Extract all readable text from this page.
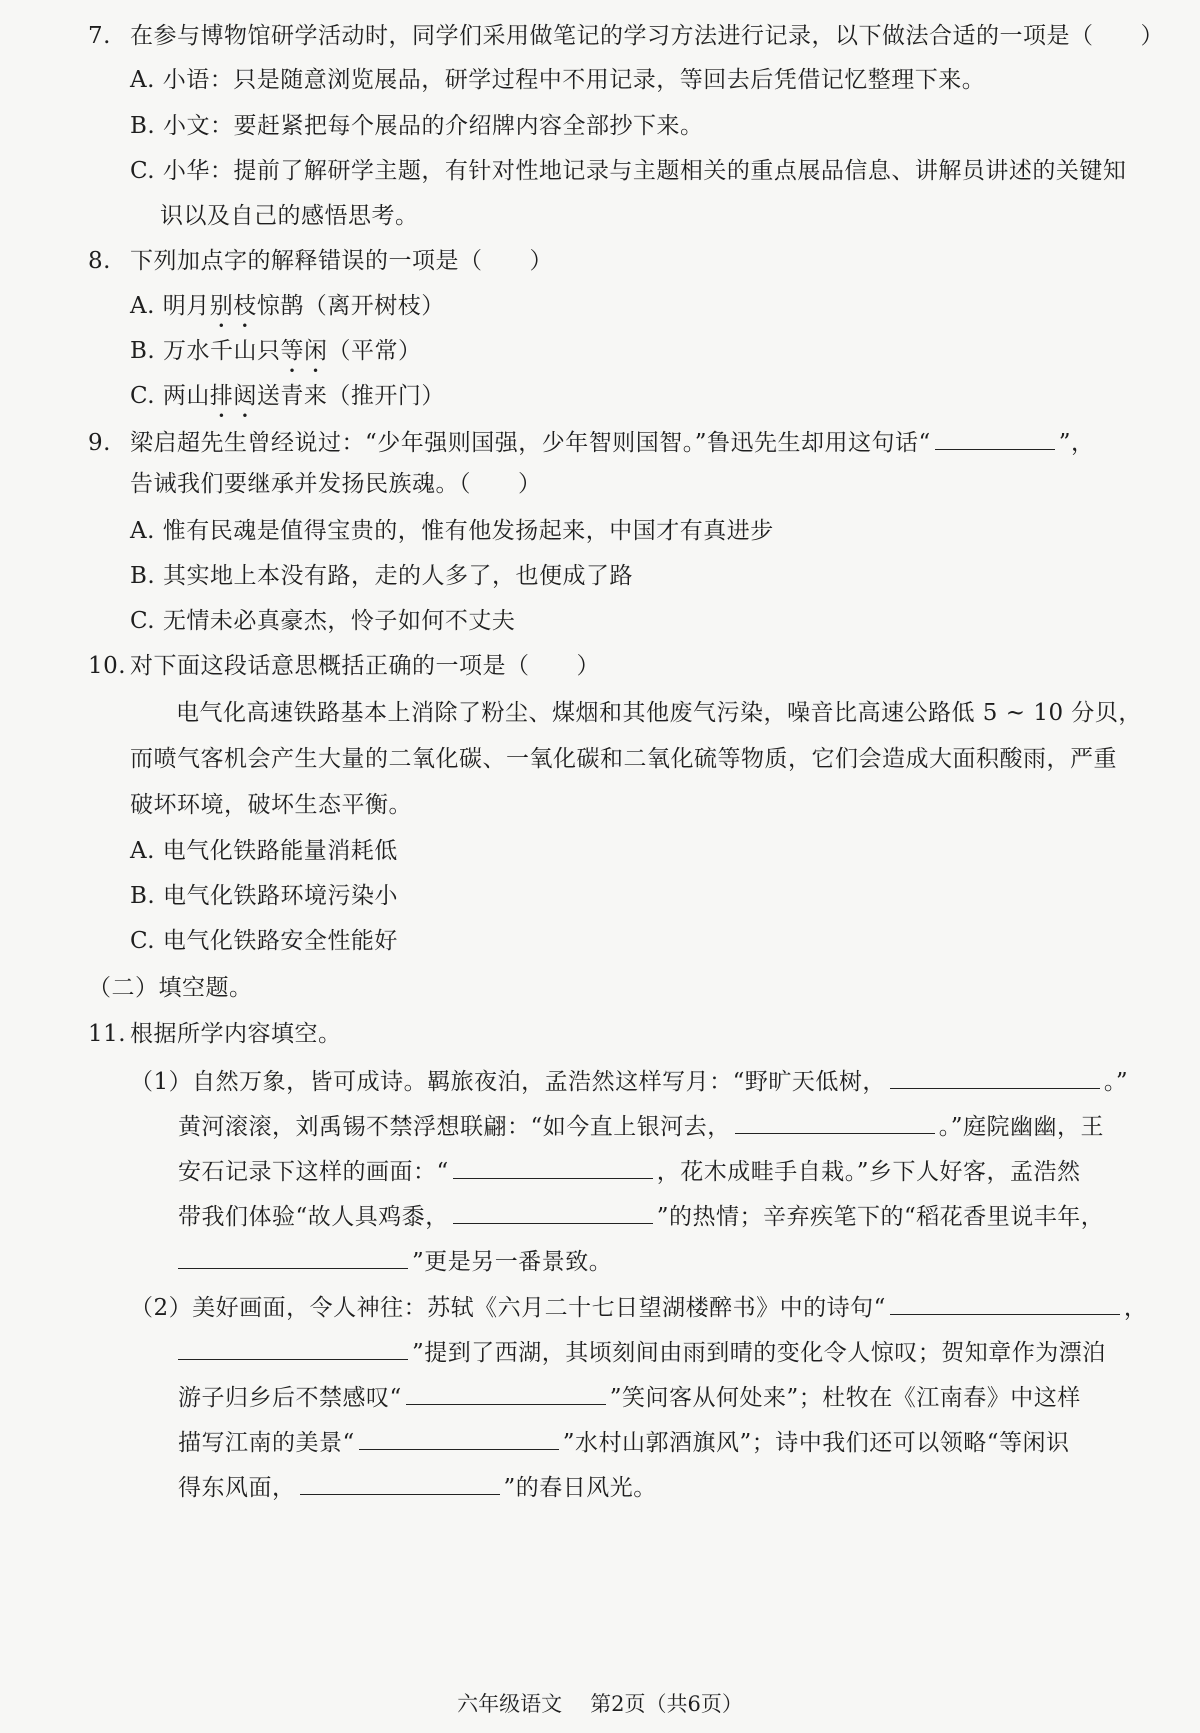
7. 在参与博物馆研学活动时，同学们采用做笔记的学习方法进行记录，以下做法合适的一项是（　　）

A. 小语：只是随意浏览展品，研学过程中不用记录，等回去后凭借记忆整理下来。

B. 小文：要赶紧把每个展品的介绍牌内容全部抄下来。

C. 小华：提前了解研学主题，有针对性地记录与主题相关的重点展品信息、讲解员讲述的关键知

识以及自己的感悟思考。

8. 下列加点字的解释错误的一项是（　　）

A. 明月别枝惊鹊（离开树枝）

B. 万水千山只等闲（平常）

C. 两山排闼送青来（推开门）

9. 梁启超先生曾经说过：“少年强则国强，少年智则国智。”鲁迅先生却用这句话“	”，

告诫我们要继承并发扬民族魂。（　　）

A. 惟有民魂是值得宝贵的，惟有他发扬起来，中国才有真进步

B. 其实地上本没有路，走的人多了，也便成了路

C. 无情未必真豪杰，怜子如何不丈夫

10. 对下面这段话意思概括正确的一项是（　　）

电气化高速铁路基本上消除了粉尘、煤烟和其他废气污染，噪音比高速公路低 5 ~ 10 分贝，

而喷气客机会产生大量的二氧化碳、一氧化碳和二氧化硫等物质，它们会造成大面积酸雨，严重

破坏环境，破坏生态平衡。

A. 电气化铁路能量消耗低

B. 电气化铁路环境污染小

C. 电气化铁路安全性能好

（二）填空题。

11. 根据所学内容填空。

（1）自然万象，皆可成诗。羁旅夜泊，孟浩然这样写月：“野旷天低树，	。”

黄河滚滚，刘禹锡不禁浮想联翩：“如今直上银河去，	。”庭院幽幽，王

安石记录下这样的画面：“	，花木成畦手自栽。”乡下人好客，孟浩然

带我们体验“故人具鸡黍，	”的热情；辛弃疾笔下的“稻花香里说丰年，

”更是另一番景致。

（2）美好画面，令人神往：苏轼《六月二十七日望湖楼醉书》中的诗句“	，

”提到了西湖，其顷刻间由雨到晴的变化令人惊叹；贺知章作为漂泊

游子归乡后不禁感叹“	”笑问客从何处来”；杜牧在《江南春》中这样

描写江南的美景“	”水村山郭酒旗风”；诗中我们还可以领略“等闲识

得东风面，	”的春日风光。

六年级语文 第2页（共6页）
